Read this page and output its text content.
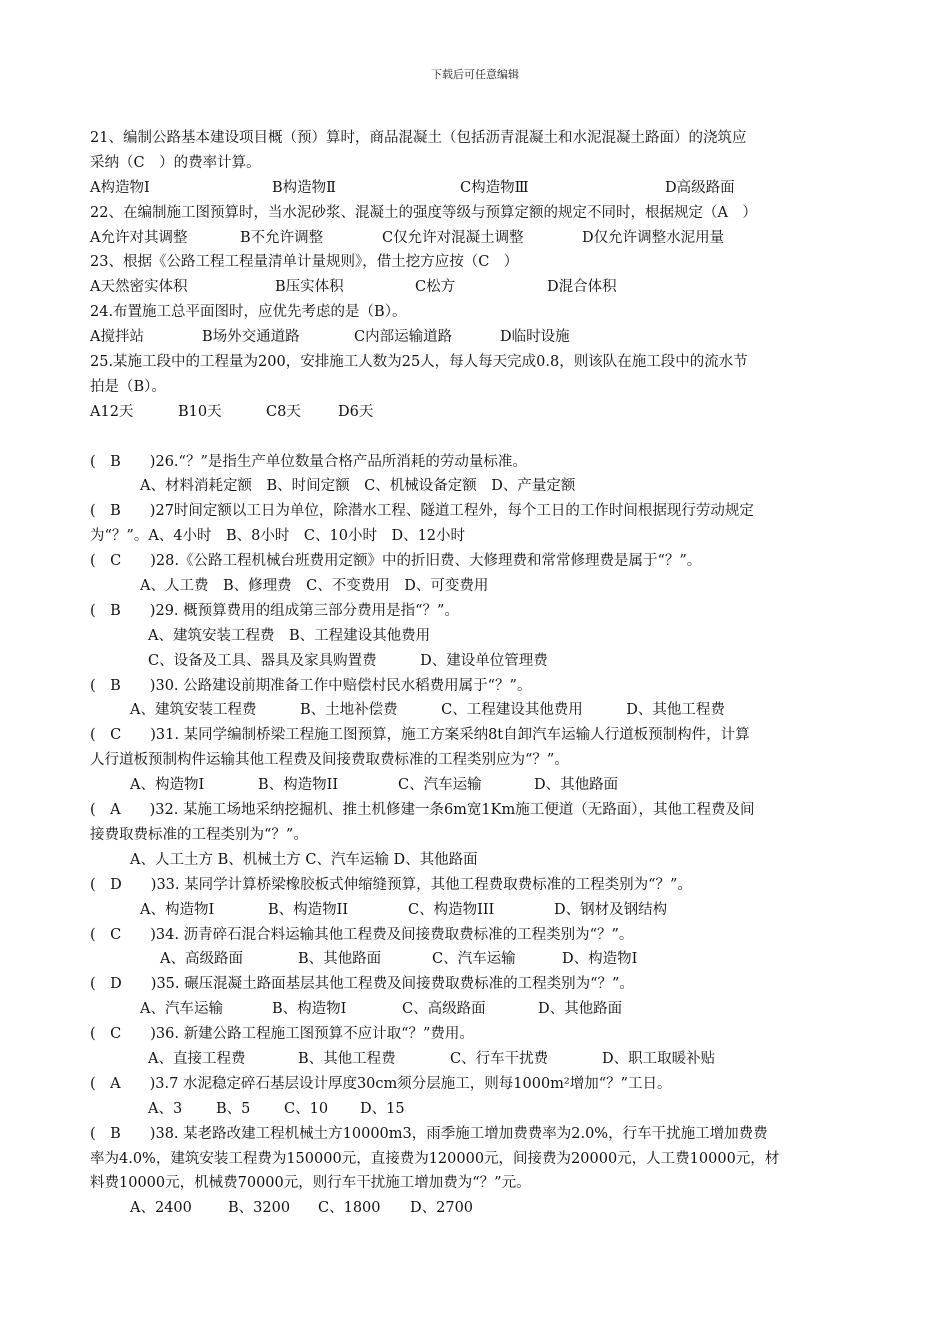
下载后可任意编辑
21、编制公路基本建设项目概（预）算时，商品混凝土（包括沥青混凝土和水泥混凝土路面）的浇筑应
采纳（C　）的费率计算。
A构造物Ⅰ	B构造物Ⅱ	C构造物Ⅲ	D高级路面
22、在编制施工图预算时，当水泥砂浆、混凝土的强度等级与预算定额的规定不同时，根据规定（A　）
A允许对其调整	B不允许调整	C仅允许对混凝土调整	D仅允许调整水泥用量
23、根据《公路工程工程量清单计量规则》，借土挖方应按（C　）
A天然密实体积	B压实体积	C松方	D混合体积
24.布置施工总平面图时，应优先考虑的是（B）。
A搅拌站	B场外交通道路	C内部运输道路	D临时设施
25.某施工段中的工程量为200，安排施工人数为25人，每人每天完成0.8，则该队在施工段中的流水节
拍是（B）。
A12天	B10天	C8天	D6天
(　B　　)26.“？”是指生产单位数量合格产品所消耗的劳动量标准。
A、材料消耗定额　B、时间定额　C、机械设备定额　D、产量定额
(　B　　)27时间定额以工日为单位，除潜水工程、隧道工程外，每个工日的工作时间根据现行劳动规定
为“？”。A、4小时　B、8小时　C、10小时　D、12小时
(　C　　)28.《公路工程机械台班费用定额》中的折旧费、大修理费和常常修理费是属于“？”。
A、人工费　B、修理费　C、不变费用　D、可变费用
(　B　　)29. 概预算费用的组成第三部分费用是指“？”。
A、建筑安装工程费　B、工程建设其他费用
C、设备及工具、器具及家具购置费　　　D、建设单位管理费
(　B　　)30. 公路建设前期准备工作中赔偿村民水稻费用属于“？”。
A、建筑安装工程费　　　B、土地补偿费　　　C、工程建设其他费用　　　D、其他工程费
(　C　　)31. 某同学编制桥梁工程施工图预算，施工方案采纳8t自卸汽车运输人行道板预制构件，计算
人行道板预制构件运输其他工程费及间接费取费标准的工程类别应为“？”。
A、构造物Ⅰ	B、构造物II	C、汽车运输	D、其他路面
(　A　　)32. 某施工场地采纳挖掘机、推土机修建一条6m宽1Km施工便道（无路面），其他工程费及间
接费取费标准的工程类别为“？”。
A、人工土方 B、机械土方 C、汽车运输 D、其他路面
(　D　　)33. 某同学计算桥梁橡胶板式伸缩缝预算，其他工程费取费标准的工程类别为“？”。
A、构造物Ⅰ	B、构造物II	C、构造物III	D、钢材及钢结构
(　C　　)34. 沥青碎石混合料运输其他工程费及间接费取费标准的工程类别为“？”。
A、高级路面	B、其他路面	C、汽车运输	D、构造物Ⅰ
(　D　　)35. 碾压混凝土路面基层其他工程费及间接费取费标准的工程类别为“？”。
A、汽车运输	B、构造物Ⅰ	C、高级路面	D、其他路面
(　C　　)36. 新建公路工程施工图预算不应计取“？”费用。
A、直接工程费	B、其他工程费	C、行车干扰费	D、职工取暖补贴
(　A　　)3.7 水泥稳定碎石基层设计厚度30cm须分层施工，则每1000m²增加“？”工日。
A、3 B、5 C、10 D、15
(　B　　)38. 某老路改建工程机械土方10000m3，雨季施工增加费费率为2.0%，行车干扰施工增加费费
率为4.0%，建筑安装工程费为150000元，直接费为120000元，间接费为20000元，人工费10000元，材
料费10000元，机械费70000元，则行车干扰施工增加费为“？”元。
A、2400 B、3200 C、1800 D、2700
